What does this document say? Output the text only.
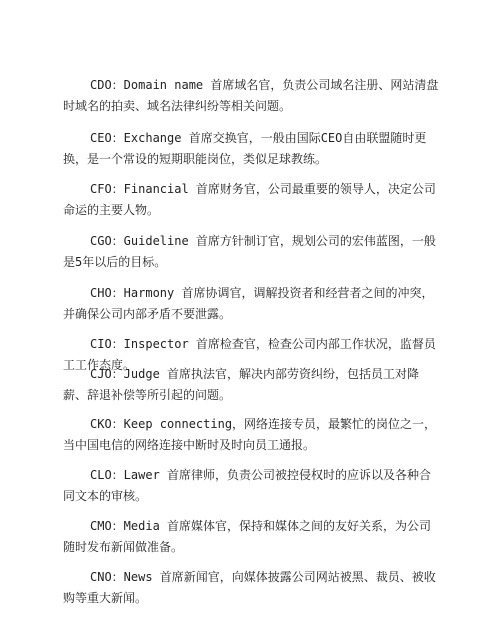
CDO：Domain name 首席域名官，负责公司域名注册、网站清盘时域名的拍卖、域名法律纠纷等相关问题。

CEO：Exchange 首席交换官，一般由国际CEO自由联盟随时更换，是一个常设的短期职能岗位，类似足球教练。

CFO：Financial 首席财务官，公司最重要的领导人，决定公司命运的主要人物。

CGO：Guideline 首席方针制订官，规划公司的宏伟蓝图，一般是5年以后的目标。

CHO：Harmony 首席协调官，调解投资者和经营者之间的冲突，并确保公司内部矛盾不要泄露。

CIO：Inspector 首席检查官，检查公司内部工作状况，监督员工工作态度。

CJO：Judge 首席执法官，解决内部劳资纠纷，包括员工对降薪、辞退补偿等所引起的问题。

CKO：Keep connecting，网络连接专员，最繁忙的岗位之一，当中国电信的网络连接中断时及时向员工通报。

CLO：Lawer 首席律师，负责公司被控侵权时的应诉以及各种合同文本的审核。

CMO：Media 首席媒体官，保持和媒体之间的友好关系，为公司随时发布新闻做准备。

CNO：News 首席新闻官，向媒体披露公司网站被黑、裁员、被收购等重大新闻。
